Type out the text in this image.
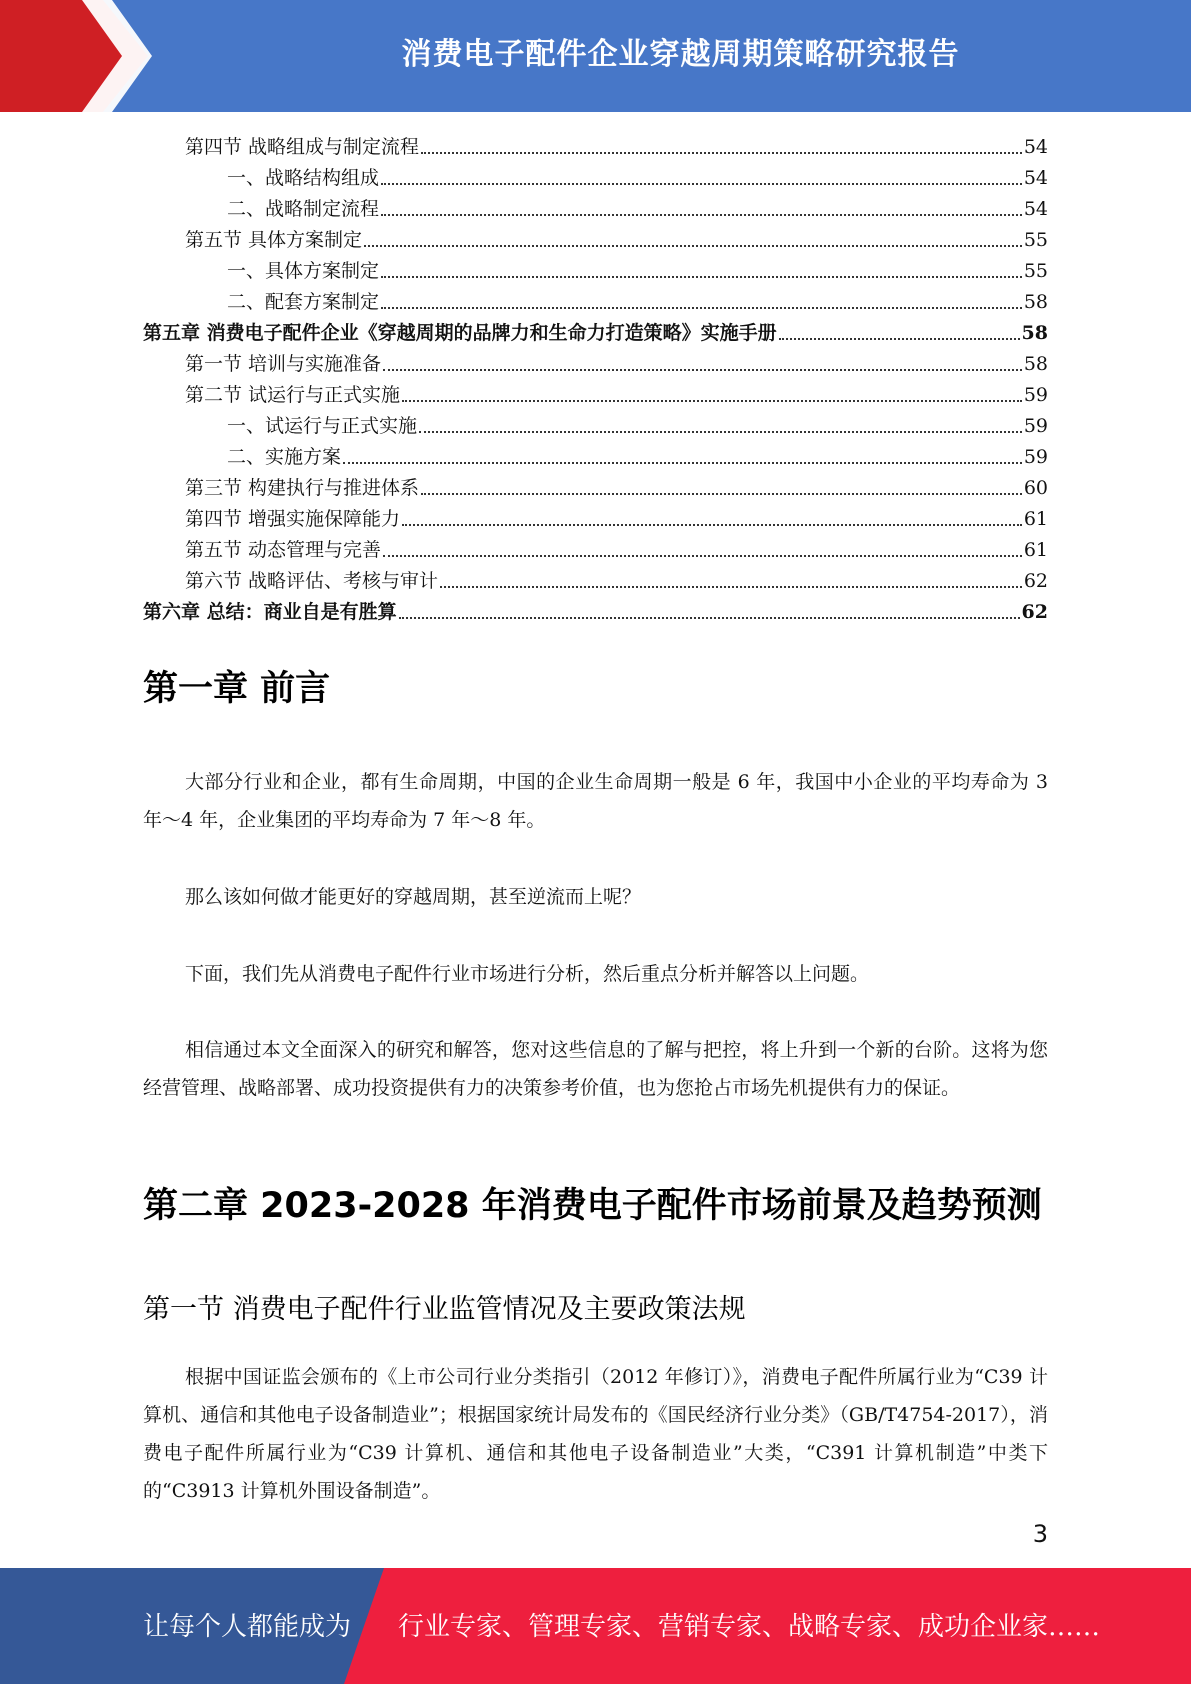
消费电子配件企业穿越周期策略研究报告
第四节 战略组成与制定流程	54
一、战略结构组成	54
二、战略制定流程	54
第五节 具体方案制定	55
一、具体方案制定	55
二、配套方案制定	58
第五章 消费电子配件企业《穿越周期的品牌力和生命力打造策略》实施手册	58
第一节 培训与实施准备	58
第二节 试运行与正式实施	59
一、试运行与正式实施	59
二、实施方案	59
第三节 构建执行与推进体系	60
第四节 增强实施保障能力	61
第五节 动态管理与完善	61
第六节 战略评估、考核与审计	62
第六章 总结：商业自是有胜算	62
第一章 前言

大部分行业和企业，都有生命周期，中国的企业生命周期一般是 6 年，我国中小企业的平均寿命为 3 年～4 年，企业集团的平均寿命为 7 年～8 年。

那么该如何做才能更好的穿越周期，甚至逆流而上呢？

下面，我们先从消费电子配件行业市场进行分析，然后重点分析并解答以上问题。

相信通过本文全面深入的研究和解答，您对这些信息的了解与把控，将上升到一个新的台阶。这将为您经营管理、战略部署、成功投资提供有力的决策参考价值，也为您抢占市场先机提供有力的保证。

第二章 2023-2028 年消费电子配件市场前景及趋势预测
第一节 消费电子配件行业监管情况及主要政策法规

根据中国证监会颁布的《上市公司行业分类指引（2012 年修订）》，消费电子配件所属行业为“C39 计算机、通信和其他电子设备制造业”；根据国家统计局发布的《国民经济行业分类》（GB/T4754-2017），消费电子配件所属行业为“C39 计算机、通信和其他电子设备制造业”大类，“C391 计算机制造”中类下的“C3913 计算机外围设备制造”。

3
让每个人都能成为 行业专家、管理专家、营销专家、战略专家、成功企业家……
